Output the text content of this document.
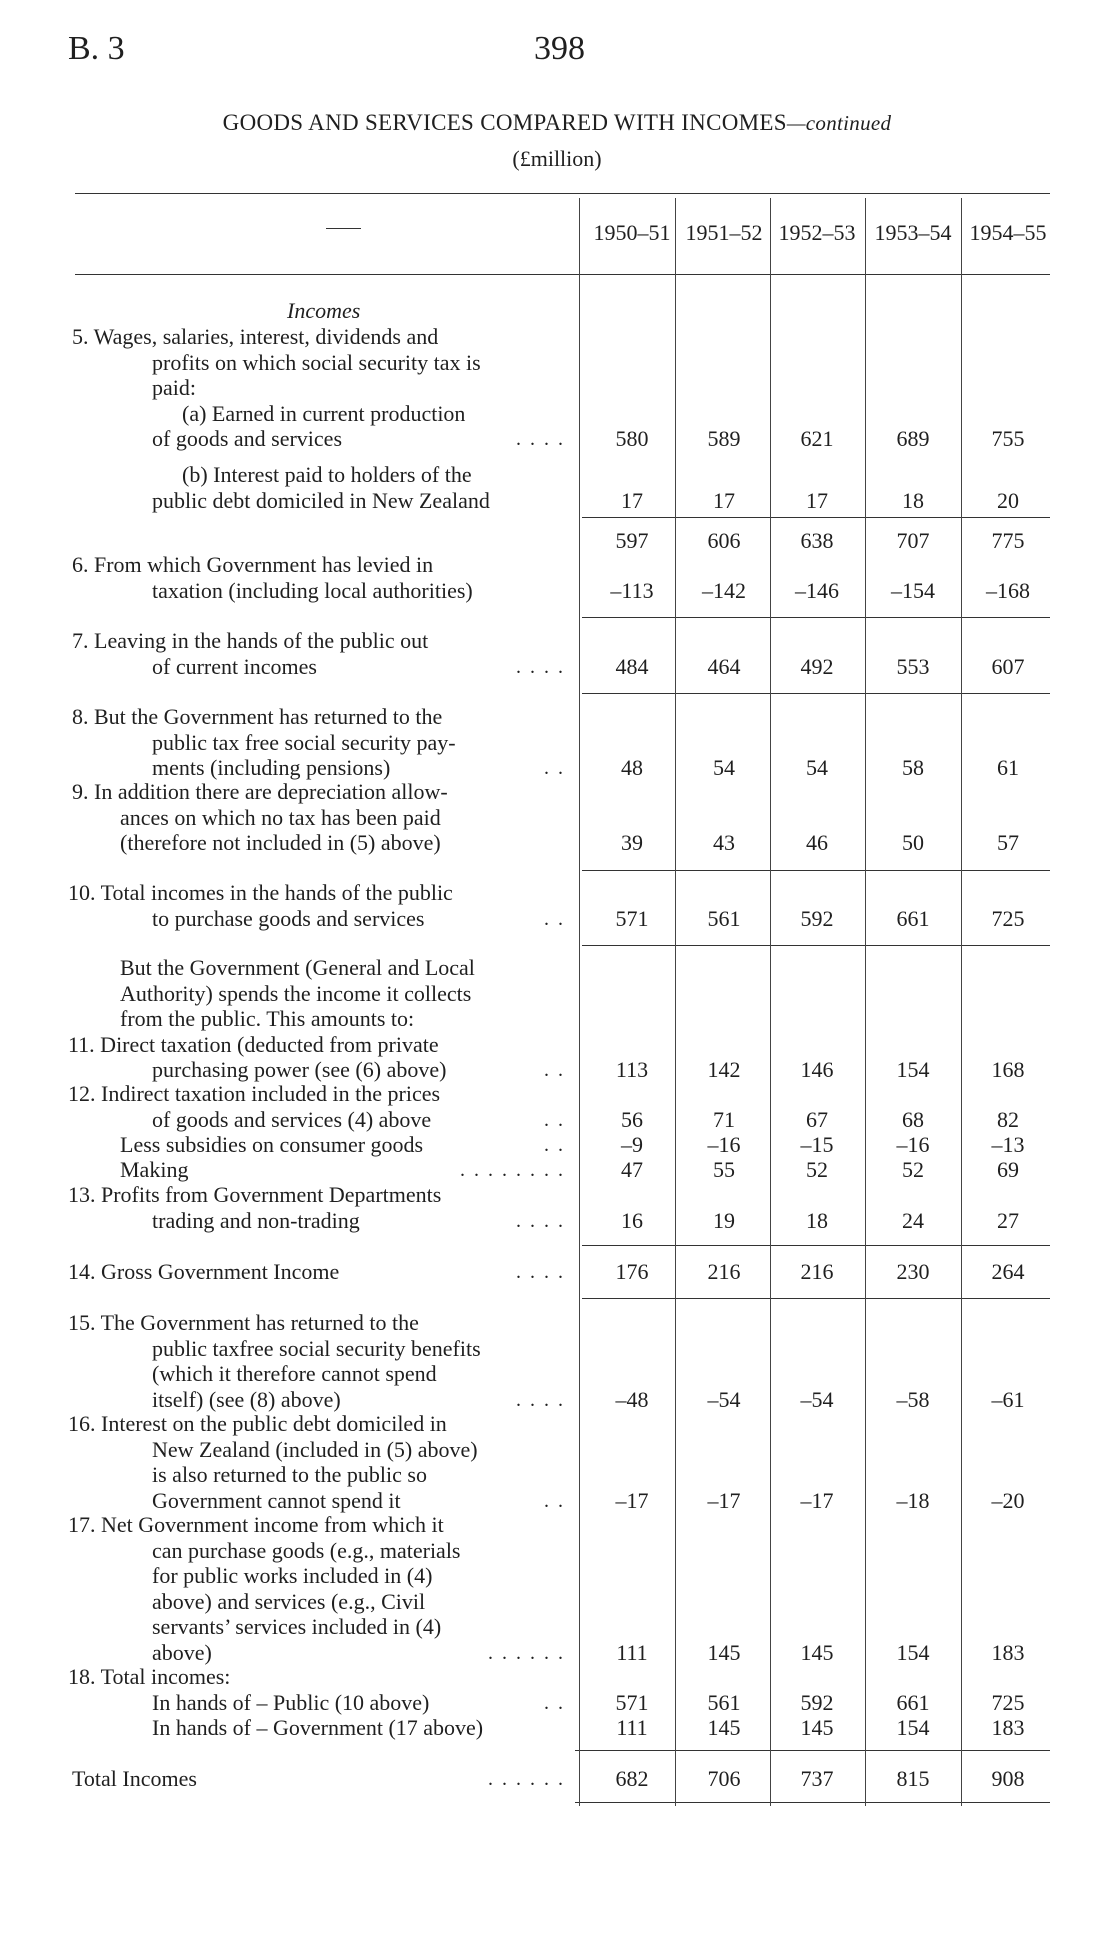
B. 3	398
GOODS AND SERVICES COMPARED WITH INCOMES—continued
(£million)
1950–51 1951–52 1952–53 1953–54 1954–55
Incomes
5. Wages, salaries, interest, dividends and
profits on which social security tax is
paid:
(a) Earned in current production
of goods and services	. . . .	580	589	621	689	755
(b) Interest paid to holders of the
public debt domiciled in New Zealand	17	17	17	18	20
597	606	638	707	775
6. From which Government has levied in
taxation (including local authorities)	–113	–142	–146	–154	–168
7. Leaving in the hands of the public out
of current incomes	. . . .	484	464	492	553	607
8. But the Government has returned to the
public tax free social security pay-
ments (including pensions)	. .	48	54	54	58	61
9. In addition there are depreciation allow-
ances on which no tax has been paid
(therefore not included in (5) above)	39	43	46	50	57
10. Total incomes in the hands of the public
to purchase goods and services	. .	571	561	592	661	725
But the Government (General and Local
Authority) spends the income it collects
from the public. This amounts to:
11. Direct taxation (deducted from private
purchasing power (see (6) above)	. .	113	142	146	154	168
12. Indirect taxation included in the prices
of goods and services (4) above	. .	56	71	67	68	82
Less subsidies on consumer goods	. .	–9	–16	–15	–16	–13
Making	. . . . . . . .	47	55	52	52	69
13. Profits from Government Departments
trading and non-trading	. . . .	16	19	18	24	27
14. Gross Government Income	. . . .	176	216	216	230	264
15. The Government has returned to the
public taxfree social security benefits
(which it therefore cannot spend
itself) (see (8) above)	. . . .	–48	–54	–54	–58	–61
16. Interest on the public debt domiciled in
New Zealand (included in (5) above)
is also returned to the public so
Government cannot spend it	. .	–17	–17	–17	–18	–20
17. Net Government income from which it
can purchase goods (e.g., materials
for public works included in (4)
above) and services (e.g., Civil
servants’ services included in (4)
above)	. . . . . .	111	145	145	154	183
18. Total incomes:
In hands of – Public (10 above)	. .	571	561	592	661	725
In hands of – Government (17 above)	111	145	145	154	183
Total Incomes	. . . . . .	682	706	737	815	908
